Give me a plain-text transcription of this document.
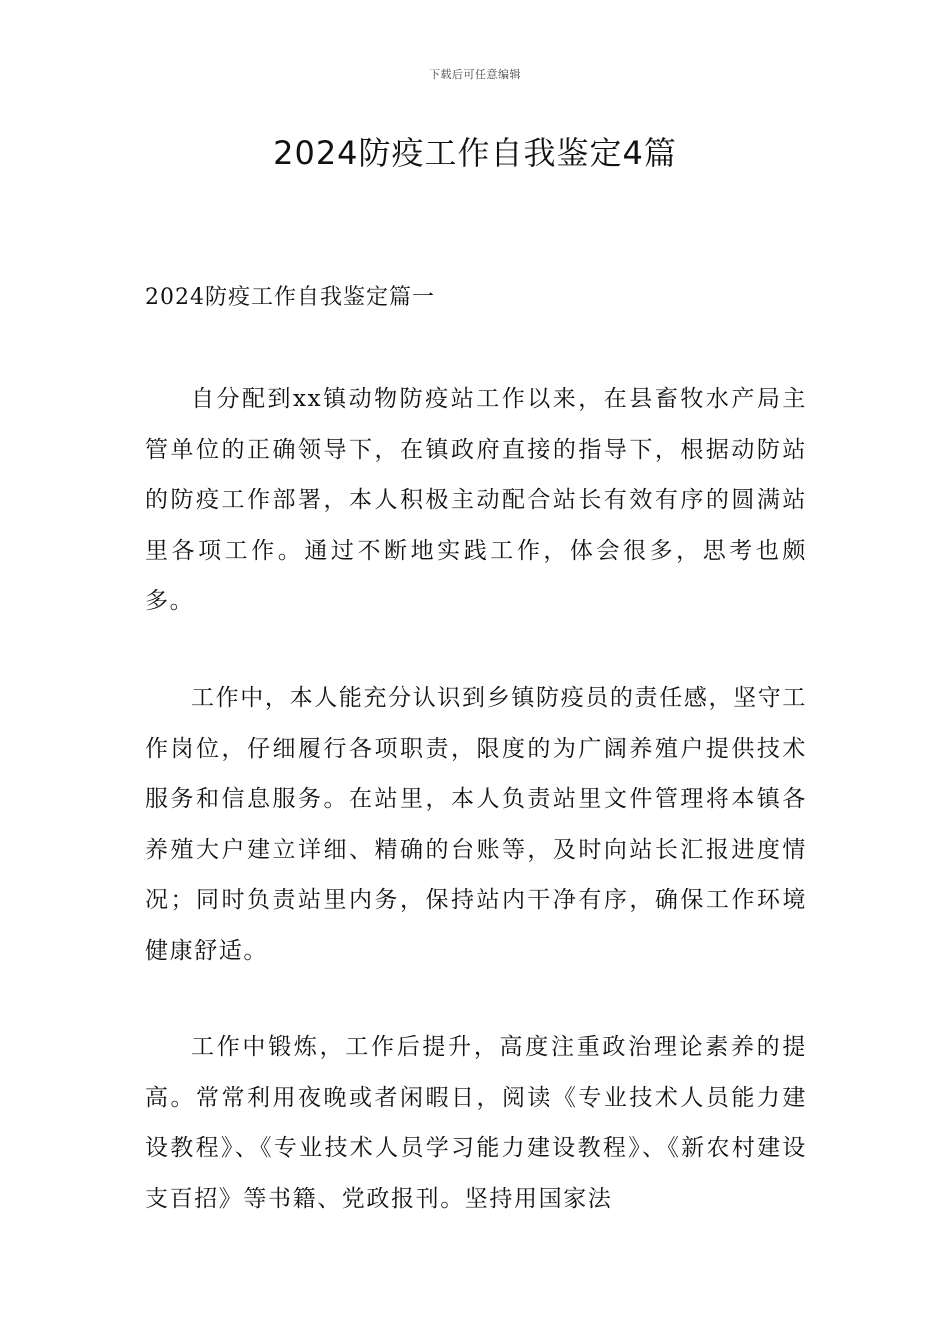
下载后可任意编辑
2024防疫工作自我鉴定4篇
2024防疫工作自我鉴定篇一

自分配到xx镇动物防疫站工作以来，在县畜牧水产局主管单位的正确领导下，在镇政府直接的指导下，根据动防站的防疫工作部署，本人积极主动配合站长有效有序的圆满站里各项工作。通过不断地实践工作，体会很多，思考也颇多。

工作中，本人能充分认识到乡镇防疫员的责任感，坚守工作岗位，仔细履行各项职责，限度的为广阔养殖户提供技术服务和信息服务。在站里，本人负责站里文件管理将本镇各养殖大户建立详细、精确的台账等，及时向站长汇报进度情况；同时负责站里内务，保持站内干净有序，确保工作环境健康舒适。

工作中锻炼，工作后提升，高度注重政治理论素养的提高。常常利用夜晚或者闲暇日，阅读《专业技术人员能力建设教程》、《专业技术人员学习能力建设教程》、《新农村建设支百招》等书籍、党政报刊。坚持用国家法
